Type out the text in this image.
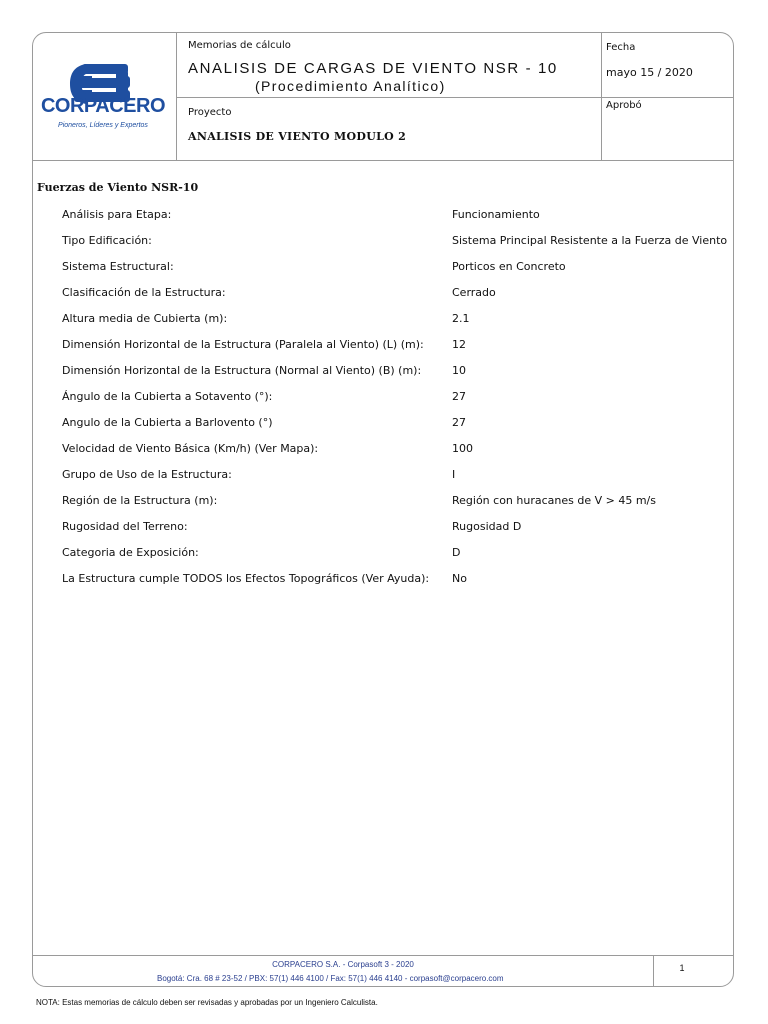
CORPACERO
Pioneros, Líderes y Expertos
Memorias de cálculo
ANALISIS DE CARGAS DE VIENTO NSR - 10
(Procedimiento Analítico)
Proyecto
ANALISIS DE VIENTO MODULO 2
Fecha
mayo 15 / 2020
Aprobó
Fuerzas de Viento NSR-10
Análisis para Etapa:	Funcionamiento
Tipo Edificación:	Sistema Principal Resistente a la Fuerza de Viento
Sistema Estructural:	Porticos en Concreto
Clasificación de la Estructura:	Cerrado
Altura media de Cubierta (m):	2.1
Dimensión Horizontal de la Estructura (Paralela al Viento) (L) (m):	12
Dimensión Horizontal de la Estructura (Normal al Viento) (B) (m):	10
Ángulo de la Cubierta a Sotavento (°):	27
Angulo de la Cubierta a Barlovento (°)	27
Velocidad de Viento Básica (Km/h) (Ver Mapa):	100
Grupo de Uso de la Estructura:	I
Región de la Estructura (m):	Región con huracanes de V > 45 m/s
Rugosidad del Terreno:	Rugosidad D
Categoria de Exposición:	D
La Estructura cumple TODOS los Efectos Topográficos (Ver Ayuda): No
CORPACERO S.A. - Corpasoft 3 - 2020
Bogotá: Cra. 68 # 23-52 / PBX: 57(1) 446 4100 / Fax: 57(1) 446 4140 - corpasoft@corpacero.com
1
NOTA: Estas memorias de cálculo deben ser revisadas y aprobadas por un Ingeniero Calculista.
